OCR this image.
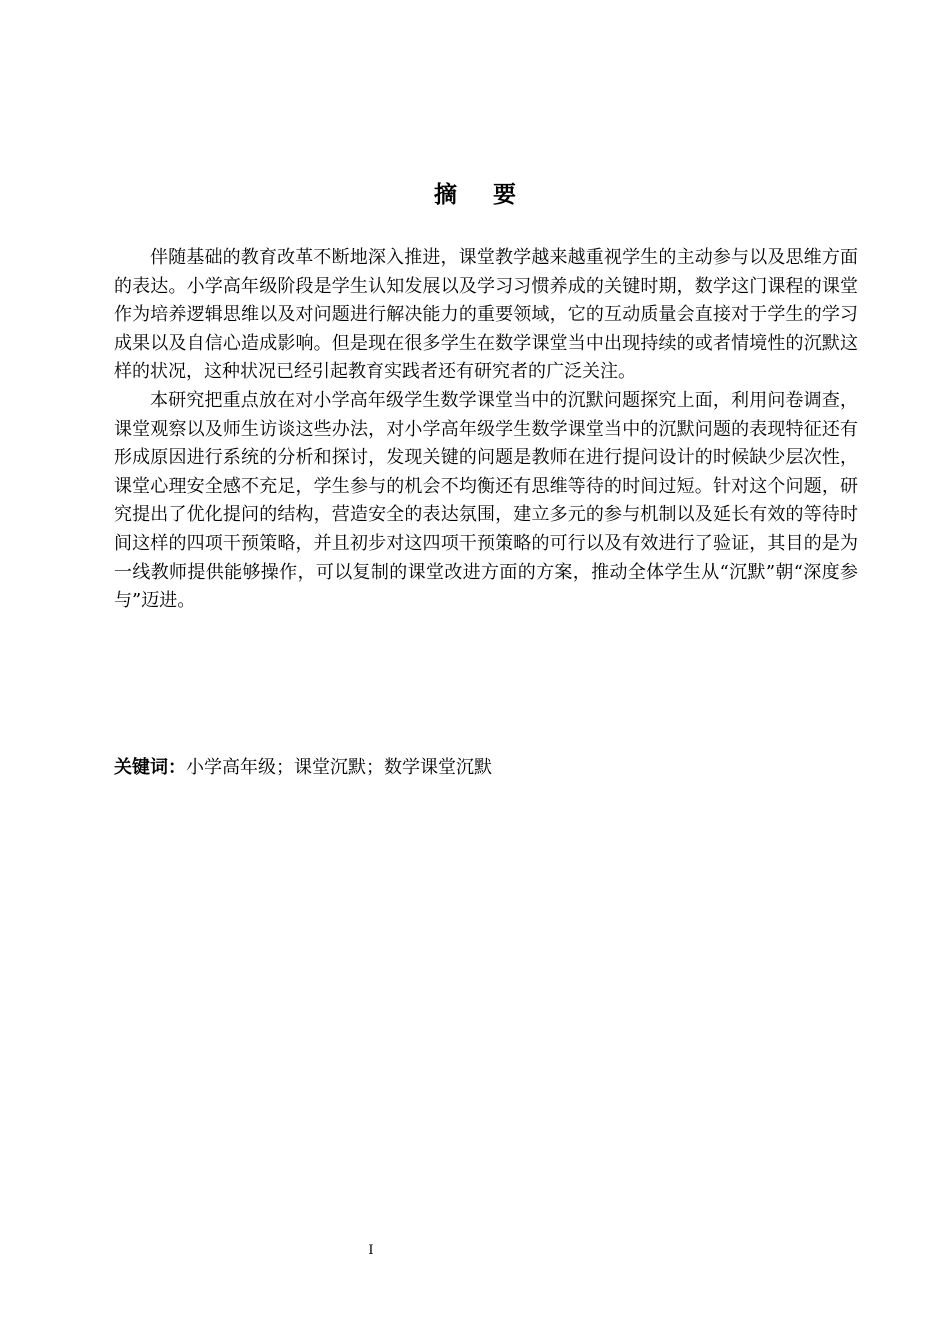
摘 要

伴随基础的教育改革不断地深入推进，课堂教学越来越重视学生的主动参与以及思维方面的表达。小学高年级阶段是学生认知发展以及学习习惯养成的关键时期，数学这门课程的课堂作为培养逻辑思维以及对问题进行解决能力的重要领域，它的互动质量会直接对于学生的学习成果以及自信心造成影响。但是现在很多学生在数学课堂当中出现持续的或者情境性的沉默这样的状况，这种状况已经引起教育实践者还有研究者的广泛关注。

本研究把重点放在对小学高年级学生数学课堂当中的沉默问题探究上面，利用问卷调查，课堂观察以及师生访谈这些办法，对小学高年级学生数学课堂当中的沉默问题的表现特征还有形成原因进行系统的分析和探讨，发现关键的问题是教师在进行提问设计的时候缺少层次性，课堂心理安全感不充足，学生参与的机会不均衡还有思维等待的时间过短。针对这个问题，研究提出了优化提问的结构，营造安全的表达氛围，建立多元的参与机制以及延长有效的等待时间这样的四项干预策略，并且初步对这四项干预策略的可行以及有效进行了验证，其目的是为一线教师提供能够操作，可以复制的课堂改进方面的方案，推动全体学生从“沉默”朝“深度参与”迈进。

关键词：小学高年级；课堂沉默；数学课堂沉默
I
